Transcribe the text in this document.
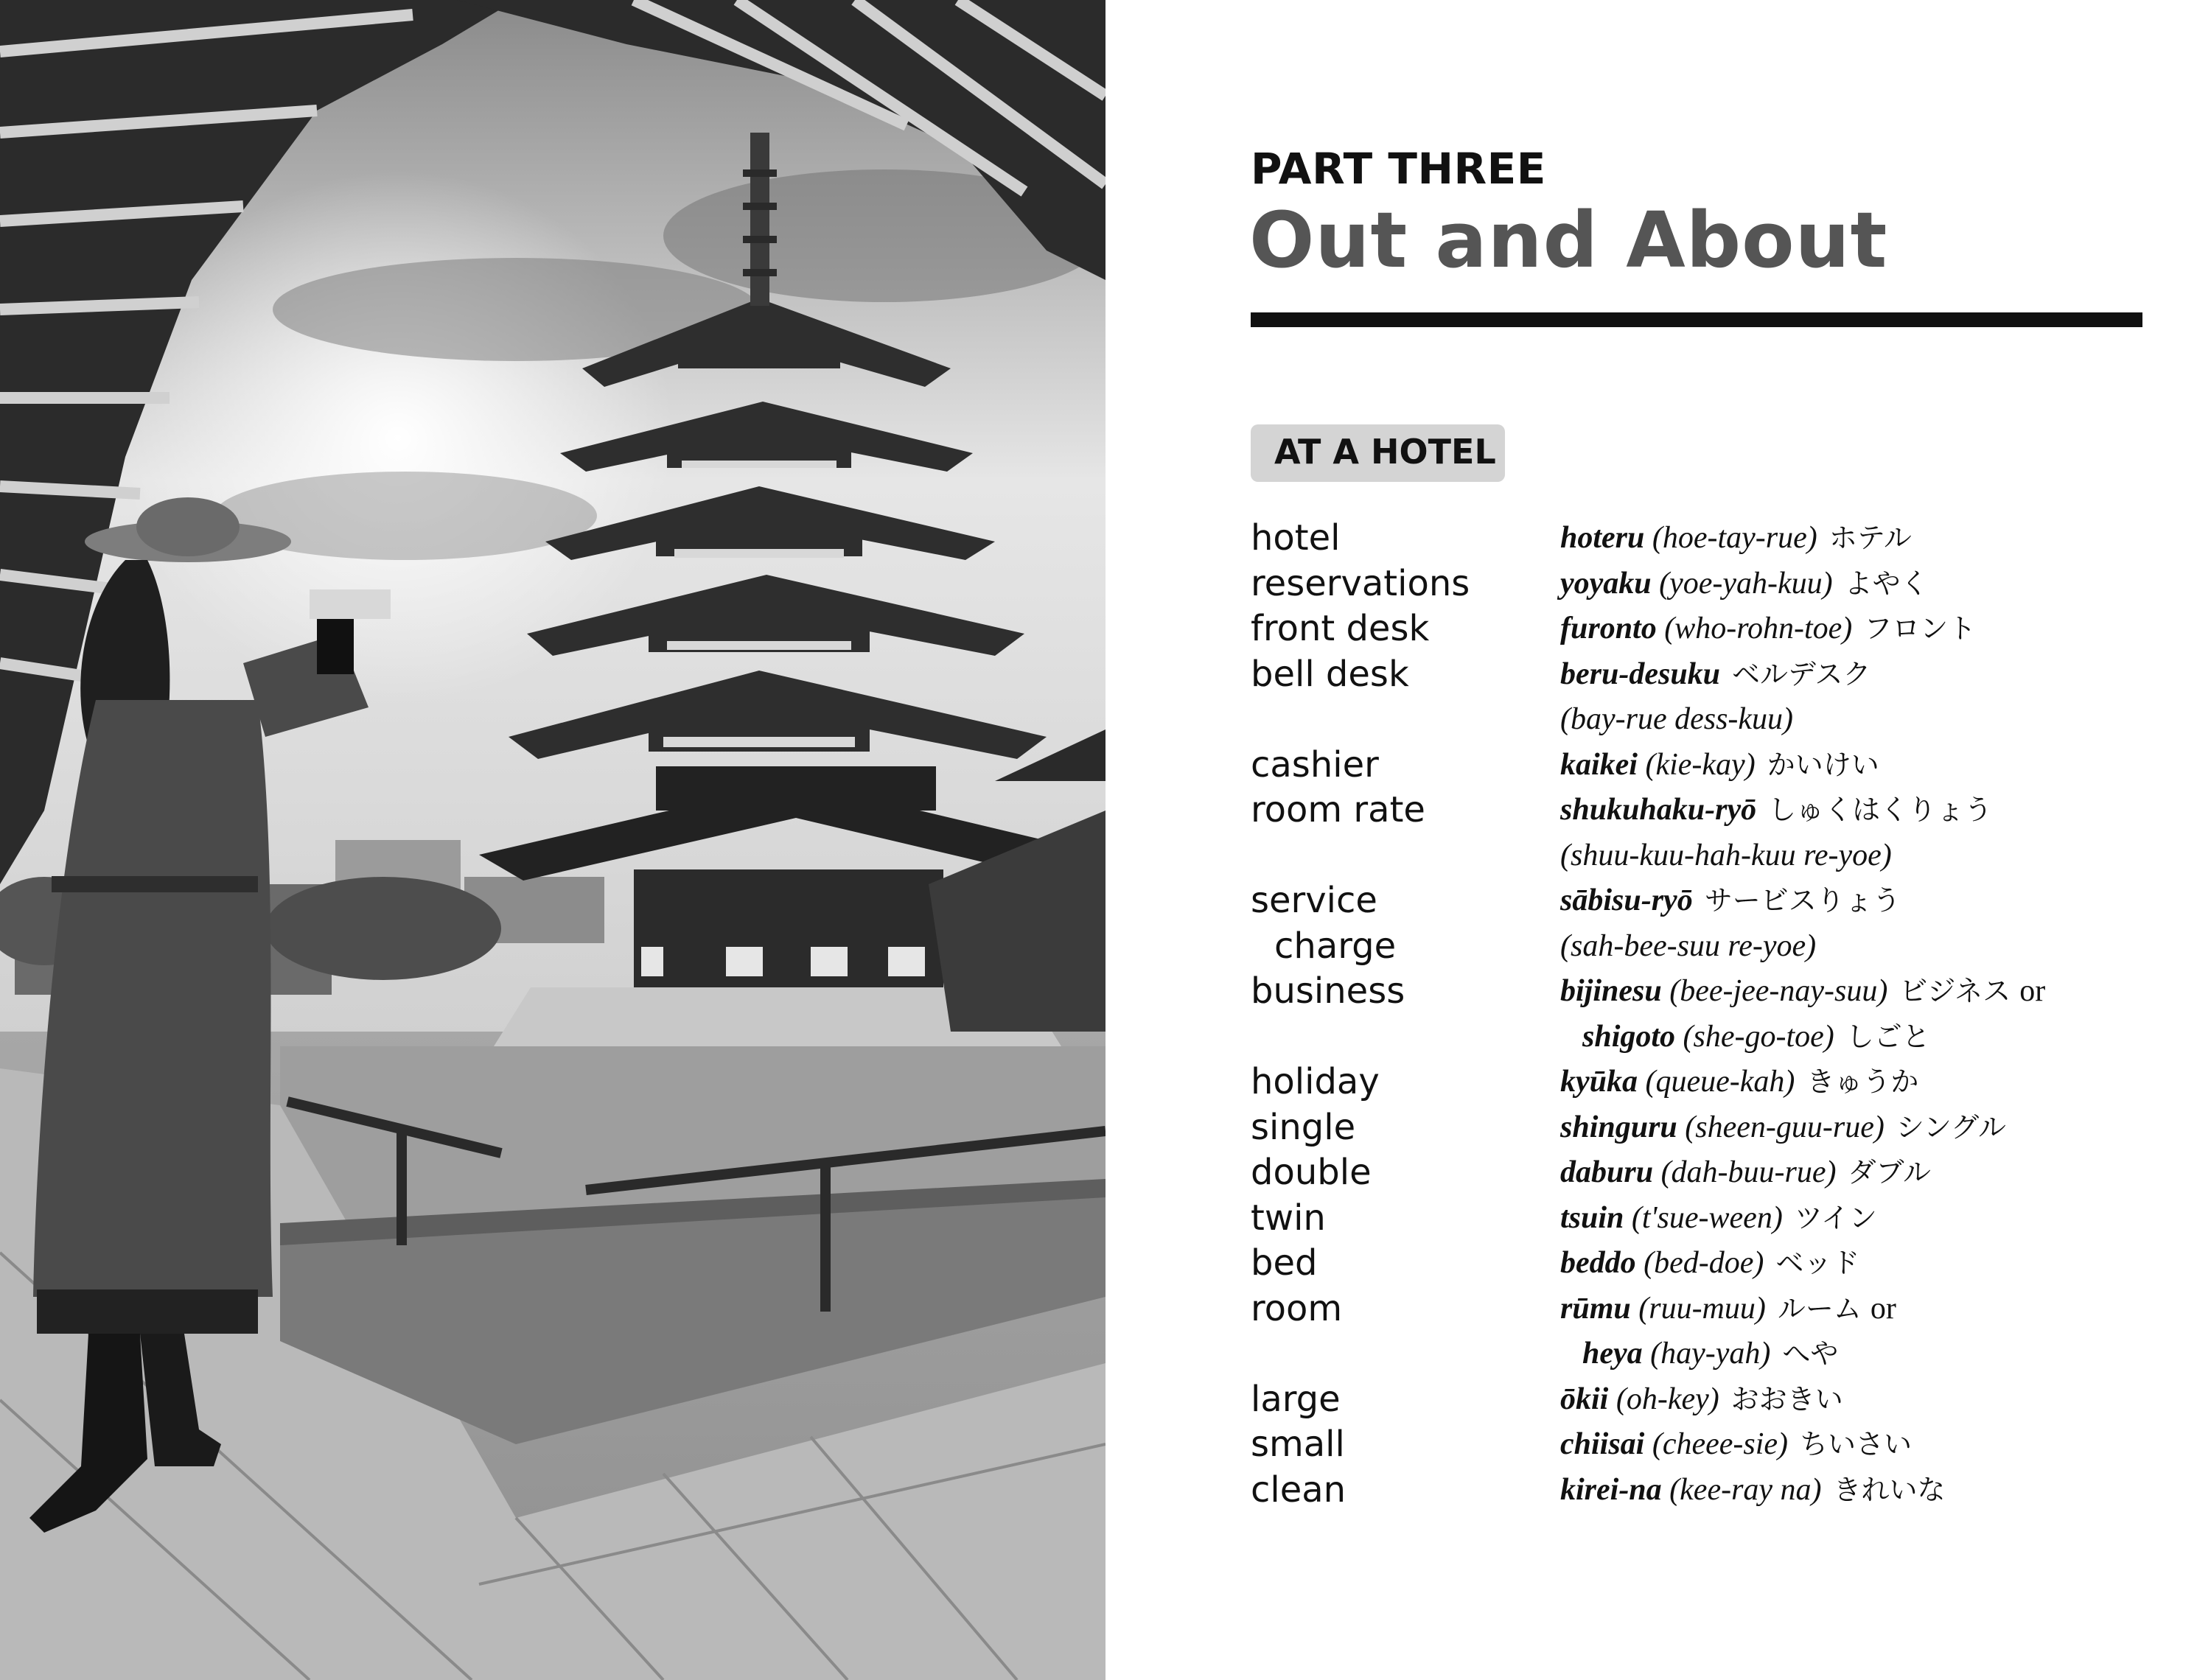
PART THREE
Out and About
AT A HOTEL
hotel	hoteru (hoe-tay-rue) ホテル
reservations	yoyaku (yoe-yah-kuu) よやく
front desk	furonto (who-rohn-toe) フロント
bell desk	beru-desuku ベルデスク
(bay-rue dess-kuu)
cashier	kaikei (kie-kay) かいけい
room rate	shukuhaku-ryō しゅくはくりょう
(shuu-kuu-hah-kuu re-yoe)
service	sābisu-ryō サービスりょう
charge	(sah-bee-suu re-yoe)
business	bijinesu (bee-jee-nay-suu) ビジネス or
shigoto (she-go-toe) しごと
holiday	kyūka (queue-kah) きゅうか
single	shinguru (sheen-guu-rue) シングル
double	daburu (dah-buu-rue) ダブル
twin	tsuin (t'sue-ween) ツイン
bed	beddo (bed-doe) ベッド
room	rūmu (ruu-muu) ルーム or
heya (hay-yah) へや
large	ōkii (oh-key) おおきい
small	chiisai (cheee-sie) ちいさい
clean	kirei-na (kee-ray na) きれいな
